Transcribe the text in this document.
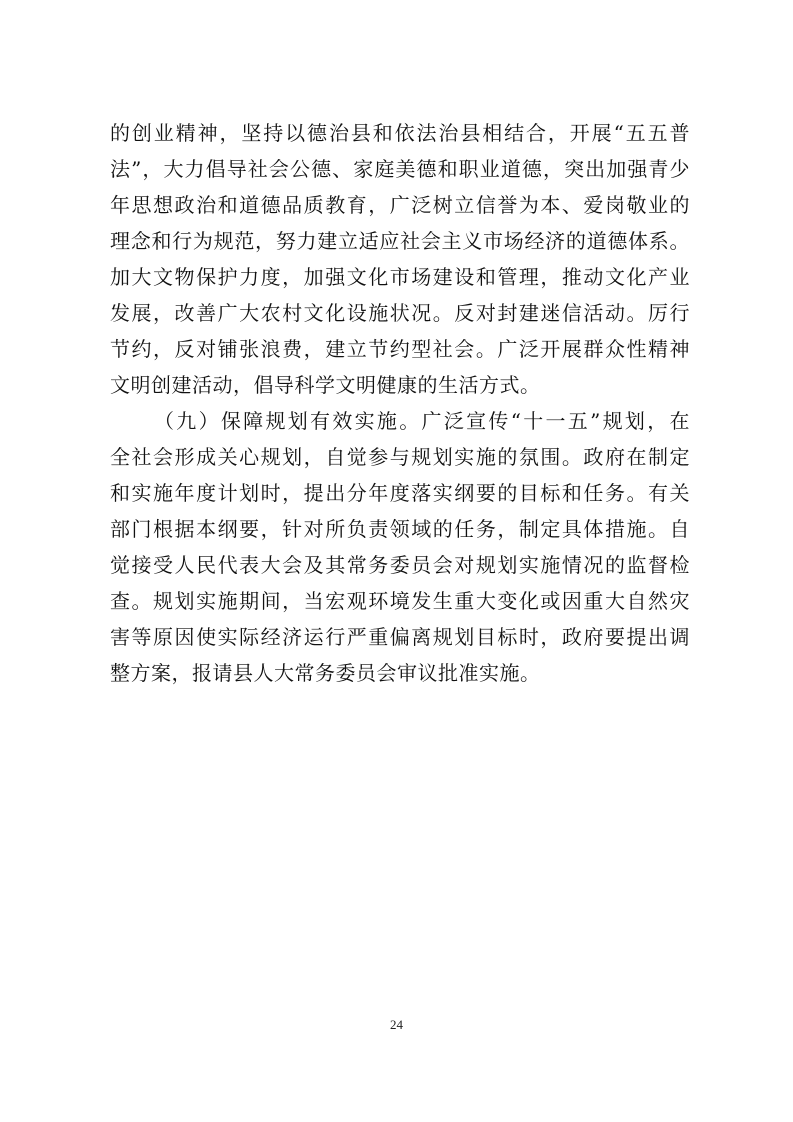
的创业精神，坚持以德治县和依法治县相结合，开展“五五普
法”，大力倡导社会公德、家庭美德和职业道德，突出加强青少
年思想政治和道德品质教育，广泛树立信誉为本、爱岗敬业的
理念和行为规范，努力建立适应社会主义市场经济的道德体系。
加大文物保护力度，加强文化市场建设和管理，推动文化产业
发展，改善广大农村文化设施状况。反对封建迷信活动。厉行
节约，反对铺张浪费，建立节约型社会。广泛开展群众性精神
文明创建活动，倡导科学文明健康的生活方式。
（九）保障规划有效实施。广泛宣传“十一五”规划，在
全社会形成关心规划，自觉参与规划实施的氛围。政府在制定
和实施年度计划时，提出分年度落实纲要的目标和任务。有关
部门根据本纲要，针对所负责领域的任务，制定具体措施。自
觉接受人民代表大会及其常务委员会对规划实施情况的监督检
查。规划实施期间，当宏观环境发生重大变化或因重大自然灾
害等原因使实际经济运行严重偏离规划目标时，政府要提出调
整方案，报请县人大常务委员会审议批准实施。
24
